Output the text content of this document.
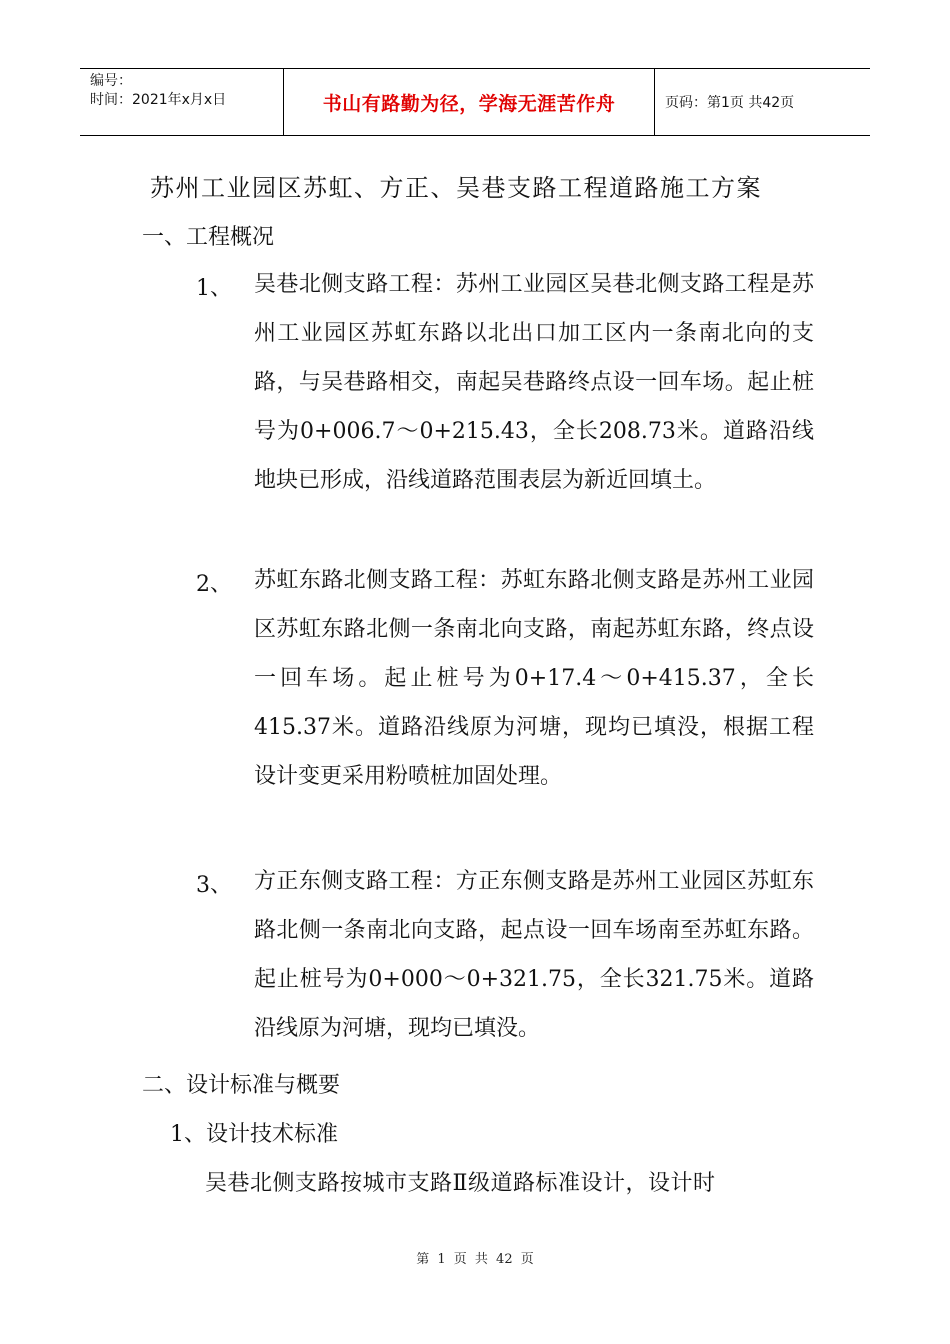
编号：
时间：2021年x月x日	书山有路勤为径，学海无涯苦作舟	页码：第1页 共42页
苏州工业园区苏虹、方正、吴巷支路工程道路施工方案
一、工程概况
1、 吴巷北侧支路工程：苏州工业园区吴巷北侧支路工程是苏州工业园区苏虹东路以北出口加工区内一条南北向的支路，与吴巷路相交，南起吴巷路终点设一回车场。起止桩号为0+006.7～0+215.43，全长208.73米。道路沿线地块已形成，沿线道路范围表层为新近回填土。
2、 苏虹东路北侧支路工程：苏虹东路北侧支路是苏州工业园区苏虹东路北侧一条南北向支路，南起苏虹东路，终点设一回车场。起止桩号为0+17.4～0+415.37，全长415.37米。道路沿线原为河塘，现均已填没，根据工程设计变更采用粉喷桩加固处理。
3、 方正东侧支路工程：方正东侧支路是苏州工业园区苏虹东路北侧一条南北向支路，起点设一回车场南至苏虹东路。起止桩号为0+000～0+321.75，全长321.75米。道路沿线原为河塘，现均已填没。
二、设计标准与概要
1、设计技术标准
吴巷北侧支路按城市支路Ⅱ级道路标准设计，设计时
第 1 页 共 42 页
